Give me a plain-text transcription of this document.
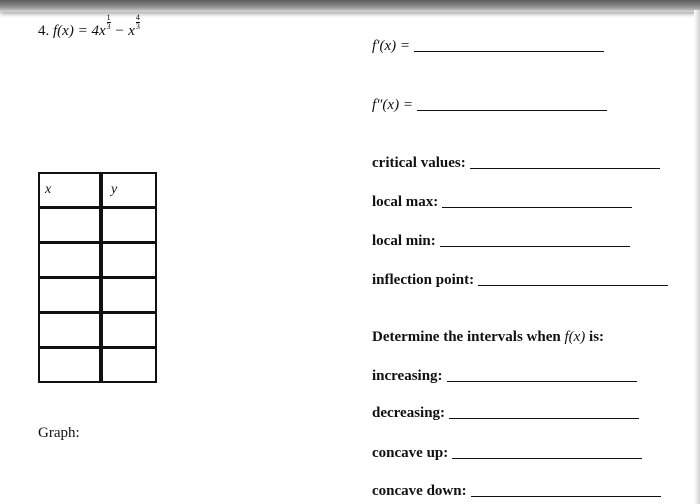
4. $f(x) = 4x \frac{1}{3} - x \frac{4}{3}$
f′(x) =
f″(x) =
critical values:
local max:
local min:
inflection point:
Determine the intervals when
f(x)
is:
increasing:
decreasing:
concave up:
concave down:
x	y
Graph:
